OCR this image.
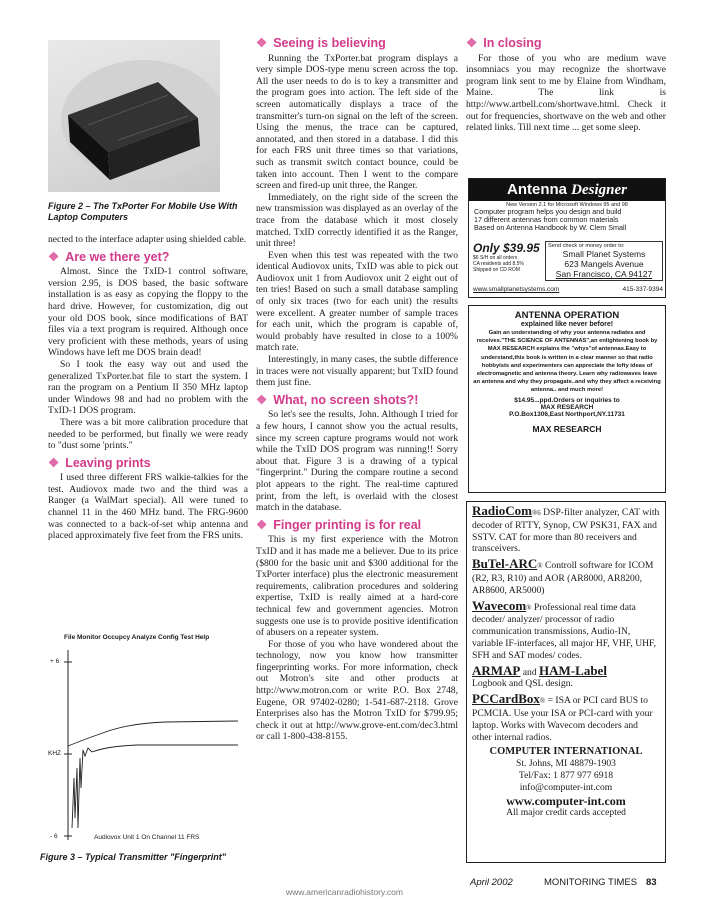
Figure 2 – The TxPorter For Mobile Use With Laptop Computers

nected to the interface adapter using shielded cable.

❖ Are we there yet?

Almost. Since the TxID-1 control software, version 2.95, is DOS based, the basic software installation is as easy as copying the floppy to the hard drive. However, for customization, dig out your old DOS book, since modifications of BAT files via a text program is required. Although once very proficient with these methods, years of using Windows have left me DOS brain dead!

So I took the easy way out and used the generalized TxPorter.bat file to start the system. I ran the program on a Pentium II 350 MHz laptop under Windows 98 and had no problem with the TxID-1 DOS program.

There was a bit more calibration procedure that needed to be performed, but finally we were ready to "dust some 'prints."

❖ Leaving prints

I used three different FRS walkie-talkies for the test. Audiovox made two and the third was a Ranger (a WalMart special). All were tuned to channel 11 in the 460 MHz band. The FRG-9600 was connected to a back-of-set whip antenna and placed approximately five feet from the FRS units.

File Monitor Occupcy Analyze Config Test Help
+ 6
KHZ
- 6	Audiovox Unit 1 On Channel 11 FRS
Figure 3 – Typical Transmitter "Fingerprint"
❖ Seeing is believing

Running the TxPorter.bat program displays a very simple DOS-type menu screen across the top. All the user needs to do is to key a transmitter and the program goes into action. The left side of the screen automatically displays a trace of the transmitter's turn-on signal on the left of the screen. Using the menus, the trace can be captured, annotated, and then stored in a database. I did this for each FRS unit three times so that variations, such as transmit switch contact bounce, could be taken into account. Then I went to the compare screen and fired-up unit three, the Ranger.

Immediately, on the right side of the screen the new transmission was displayed as an overlay of the trace from the database which it most closely matched. TxID correctly identified it as the Ranger, unit three!

Even when this test was repeated with the two identical Audiovox units, TxID was able to pick out Audiovox unit 1 from Audiovox unit 2 eight out of ten tries! Based on such a small database sampling of only six traces (two for each unit) the results were excellent. A greater number of sample traces for each unit, which the program is capable of, would probably have resulted in close to a 100% match rate.

Interestingly, in many cases, the subtle difference in traces were not visually apparent; but TxID found them just fine.

❖ What, no screen shots?!

So let's see the results, John. Although I tried for a few hours, I cannot show you the actual results, since my screen capture programs would not work while the TxID DOS program was running!! Sorry about that. Figure 3 is a drawing of a typical "fingerprint." During the compare routine a second plot appears to the right. The real-time captured print, from the left, is overlaid with the closest match in the database.

❖ Finger printing is for real

This is my first experience with the Motron TxID and it has made me a believer. Due to its price ($800 for the basic unit and $300 additional for the TxPorter interface) plus the electronic measurement requirements, calibration procedures and soldering expertise, TxID is really aimed at a hard-core technical few and government agencies. Motron suggests one use is to provide positive identification of abusers on a repeater system.

For those of you who have wondered about the technology, now you know how transmitter fingerprinting works. For more information, check out Motron's site and other products at http://www.motron.com or write P.O. Box 2748, Eugene, OR 97402-0280; 1-541-687-2118. Grove Enterprises also has the Motron TxID for $799.95; check it out at http://www.grove-ent.com/dec3.html or call 1-800-438-8155.

❖ In closing

For those of you who are medium wave insomniacs you may recognize the shortwave program link sent to me by Elaine from Windham, Maine. The link is http://www.artbell.com/shortwave.html. Check it out for frequencies, shortwave on the web and other related links. Till next time ... get some sleep.

Antenna Designer
New Version 2.1 for Microsoft Windows 95 and 98
Computer program helps you design and build
17 different antennas from common materials
Based on Antenna Handbook by W. Clem Small
Only $39.95
$6 S/H on all orders
CA residents add 8.5%
Shipped on CD ROM
Send check or money order to:
Small Planet Systems
623 Mangels Avenue
San Francisco, CA 94127
www.smallplanetsystems.com	415-337-9394
ANTENNA OPERATION
explained like never before!
Gain an understanding of why your antenna radiates and receives."THE SCIENCE OF ANTENNAS",an enlightening book by MAX RESEARCH explains the "whys"of antennas.Easy to understand,this book is written in a clear manner so that radio hobbyists and experimenters can appreciate the lofty ideas of electromagnetic and antenna theory. Learn why radiowaves leave an antenna and why they propagate..and why they affect a receiving antenna.. and much more!
$14.95...ppd.Orders or inquiries to
MAX RESEARCH
P.O.Box1306,East Northport,NY.11731
MAX RESEARCH
RadioCom®6 DSP-filter analyzer, CAT with decoder of RTTY, Synop, CW PSK31, FAX and SSTV. CAT for more than 80 receivers and transceivers.
BuTel-ARC® Controll software for ICOM (R2, R3, R10) and AOR (AR8000, AR8200, AR8600, AR5000)
Wavecom® Professional real time data decoder/ analyzer/ processor of radio communication transmissions, Audio-IN, variable IF-interfaces, all major HF, VHF, UHF, SFH and SAT modes/ codes.
ARMAP and HAM-Label
Logbook and QSL design.
PCCardBox® = ISA or PCI card BUS to PCMCIA. Use your ISA or PCI-card with your laptop. Works with Wavecom decoders and other internal radios.
COMPUTER INTERNATIONAL
St. Johns, MI 48879-1903
Tel/Fax: 1 877 977 6918
info@computer-int.com
www.computer-int.com
All major credit cards accepted
April 2002	MONITORING TIMES 83
www.americanradiohistory.com
